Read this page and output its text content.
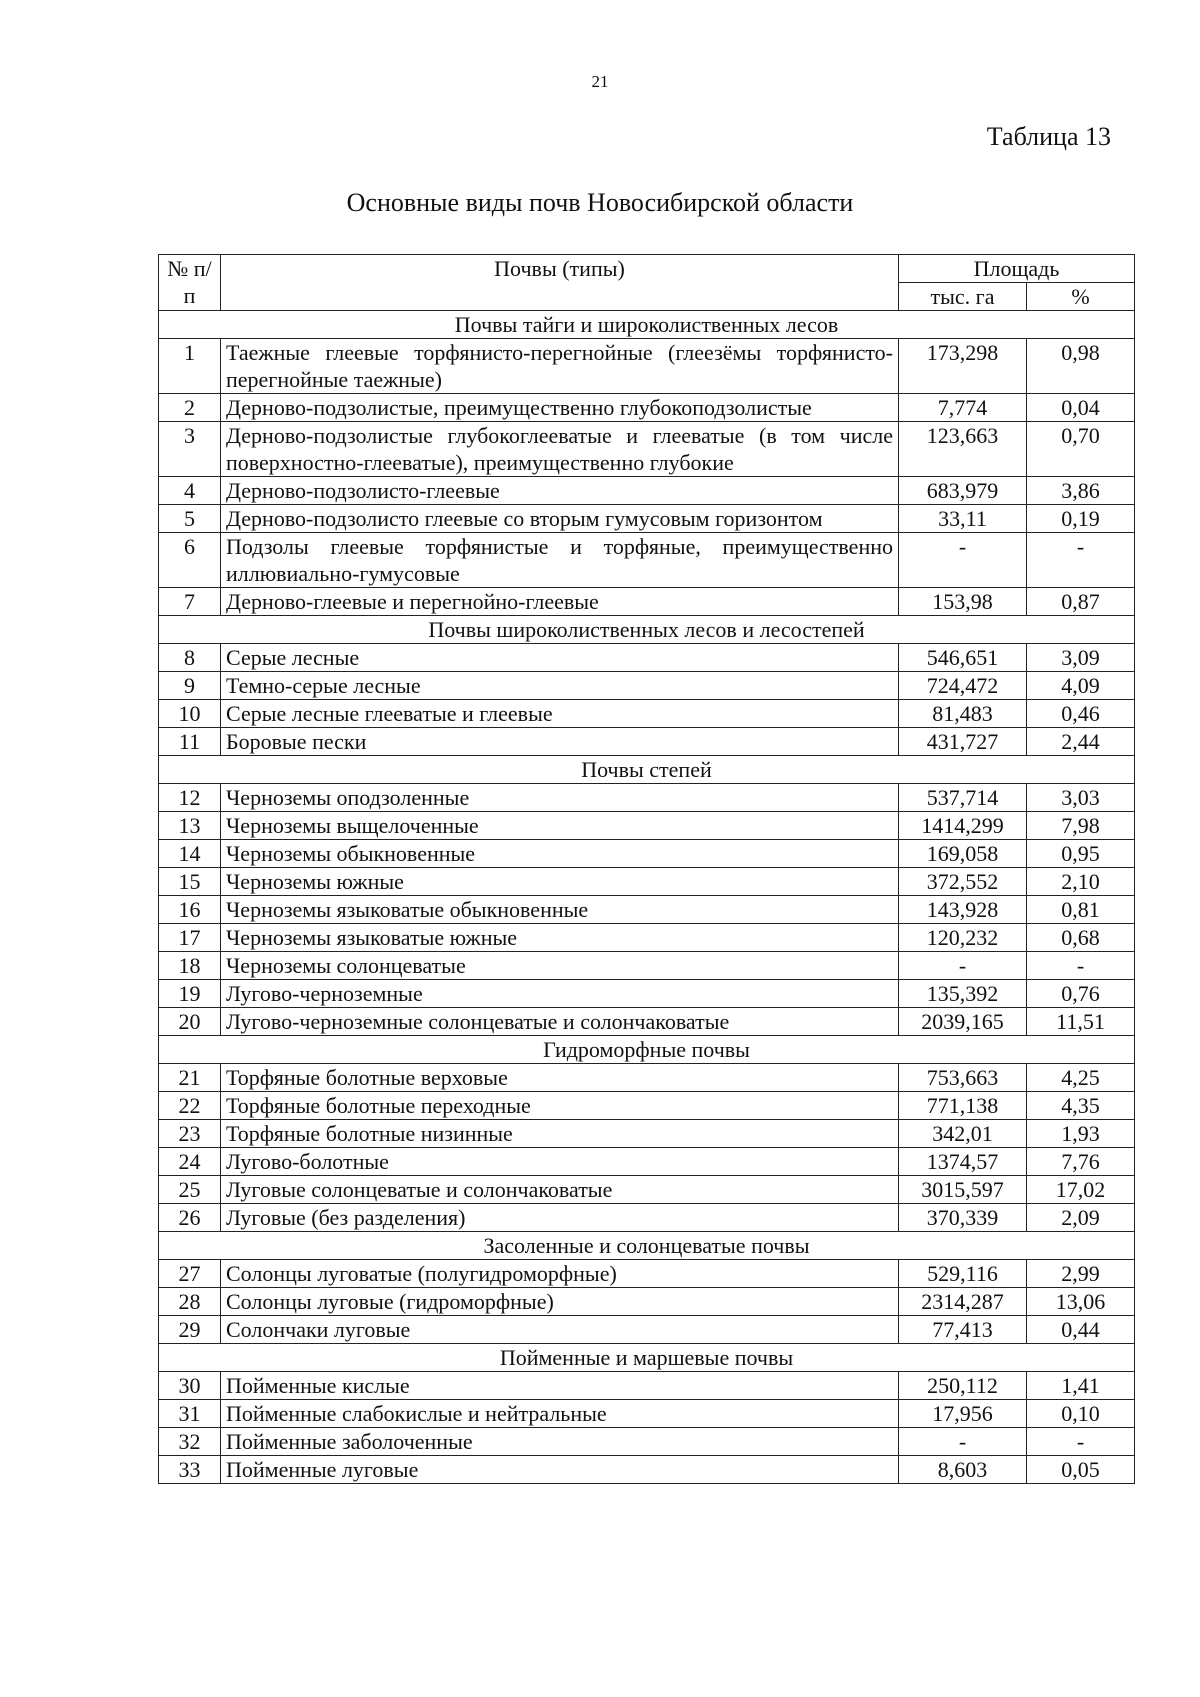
21
Таблица 13
Основные виды почв Новосибирской области
№ п/п	Почвы (типы)	Площадь	
		тыс. га	%
Почвы тайги и широколиственных лесов			
1	Таежные глеевые торфянисто-перегнойные (глеезёмы торфянисто-перегнойные таежные)	173,298	0,98
2	Дерново-подзолистые, преимущественно глубокоподзолистые	7,774	0,04
3	Дерново-подзолистые глубокоглееватые и глееватые (в том числе поверхностно-глееватые), преимущественно глубокие	123,663	0,70
4	Дерново-подзолисто-глеевые	683,979	3,86
5	Дерново-подзолисто глеевые со вторым гумусовым горизонтом	33,11	0,19
6	Подзолы глеевые торфянистые и торфяные, преимущественно иллювиально-гумусовые	-	-
7	Дерново-глеевые и перегнойно-глеевые	153,98	0,87
Почвы широколиственных лесов и лесостепей			
8	Серые лесные	546,651	3,09
9	Темно-серые лесные	724,472	4,09
10	Серые лесные глееватые и глеевые	81,483	0,46
11	Боровые пески	431,727	2,44
Почвы степей			
12	Черноземы оподзоленные	537,714	3,03
13	Черноземы выщелоченные	1414,299	7,98
14	Черноземы обыкновенные	169,058	0,95
15	Черноземы южные	372,552	2,10
16	Черноземы языковатые обыкновенные	143,928	0,81
17	Черноземы языковатые южные	120,232	0,68
18	Черноземы солонцеватые	-	-
19	Лугово-черноземные	135,392	0,76
20	Лугово-черноземные солонцеватые и солончаковатые	2039,165	11,51
Гидроморфные почвы			
21	Торфяные болотные верховые	753,663	4,25
22	Торфяные болотные переходные	771,138	4,35
23	Торфяные болотные низинные	342,01	1,93
24	Лугово-болотные	1374,57	7,76
25	Луговые солонцеватые и солончаковатые	3015,597	17,02
26	Луговые (без разделения)	370,339	2,09
Засоленные и солонцеватые почвы			
27	Солонцы луговатые (полугидроморфные)	529,116	2,99
28	Солонцы луговые (гидроморфные)	2314,287	13,06
29	Солончаки луговые	77,413	0,44
Пойменные и маршевые почвы			
30	Пойменные кислые	250,112	1,41
31	Пойменные слабокислые и нейтральные	17,956	0,10
32	Пойменные заболоченные	-	-
33	Пойменные луговые	8,603	0,05
